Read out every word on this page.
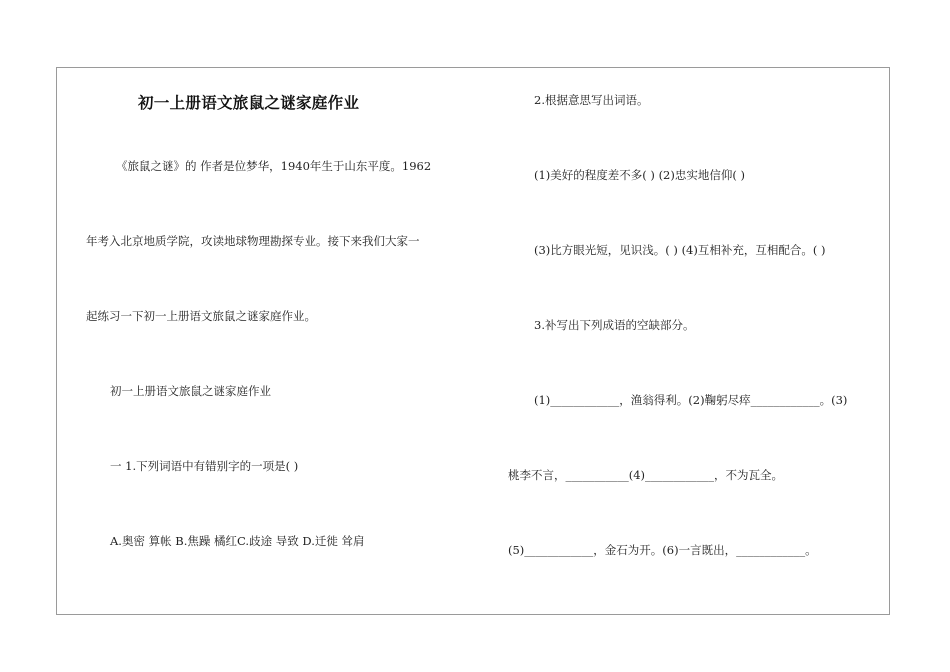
初一上册语文旅鼠之谜家庭作业
《旅鼠之谜》的 作者是位梦华，1940年生于山东平度。1962
年考入北京地质学院，攻读地球物理勘探专业。接下来我们大家一
起练习一下初一上册语文旅鼠之谜家庭作业。
初一上册语文旅鼠之谜家庭作业
一 1.下列词语中有错别字的一项是( )
A.奥密 算帐 B.焦躁 橘红C.歧途 导致 D.迁徙 耸肩
2.根据意思写出词语。
(1)美好的程度差不多( ) (2)忠实地信仰( )
(3)比方眼光短，见识浅。( ) (4)互相补充，互相配合。( )
3.补写出下列成语的空缺部分。
(1)____________，渔翁得利。(2)鞠躬尽瘁____________。(3)
桃李不言，___________(4)____________，不为瓦全。
(5)____________，金石为开。(6)一言既出，____________。
